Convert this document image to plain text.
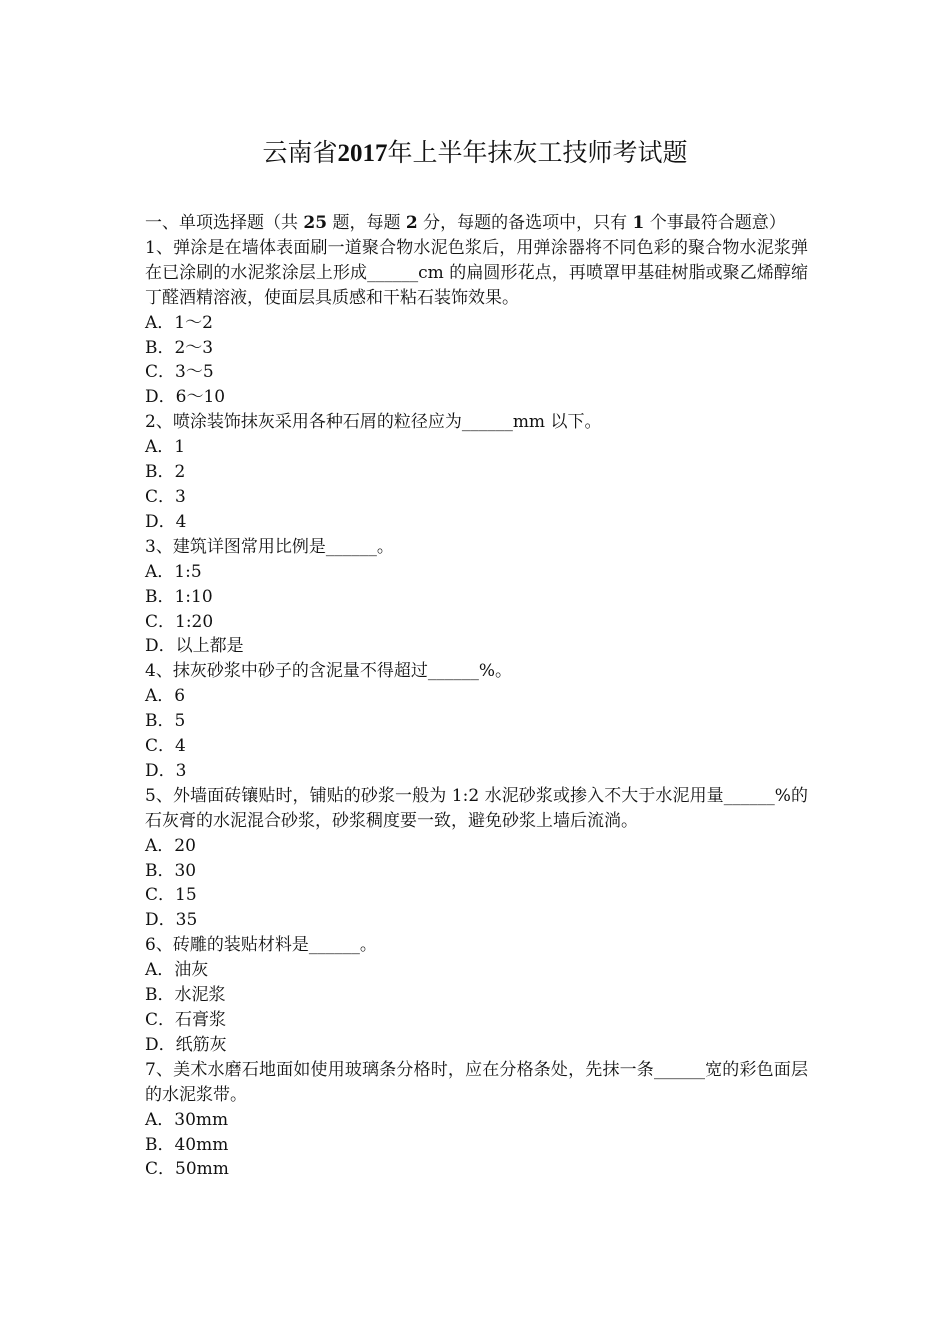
云南省2017年上半年抹灰工技师考试题

一、单项选择题（共 25 题，每题 2 分，每题的备选项中，只有 1 个事最符合题意）

1、弹涂是在墙体表面刷一道聚合物水泥色浆后，用弹涂器将不同色彩的聚合物水泥浆弹在已涂刷的水泥浆涂层上形成______cm 的扁圆形花点，再喷罩甲基硅树脂或聚乙烯醇缩丁醛酒精溶液，使面层具质感和干粘石装饰效果。

A．1～2

B．2～3

C．3～5

D．6～10

2、喷涂装饰抹灰采用各种石屑的粒径应为______mm 以下。

A．1

B．2

C．3

D．4

3、建筑详图常用比例是______。

A．1:5

B．1:10

C．1:20

D．以上都是

4、抹灰砂浆中砂子的含泥量不得超过______%。

A．6

B．5

C．4

D．3

5、外墙面砖镶贴时，铺贴的砂浆一般为 1:2 水泥砂浆或掺入不大于水泥用量______%的石灰膏的水泥混合砂浆，砂浆稠度要一致，避免砂浆上墙后流淌。

A．20

B．30

C．15

D．35

6、砖雕的装贴材料是______。

A．油灰

B．水泥浆

C．石膏浆

D．纸筋灰

7、美术水磨石地面如使用玻璃条分格时，应在分格条处，先抹一条______宽的彩色面层的水泥浆带。

A．30mm

B．40mm

C．50mm
